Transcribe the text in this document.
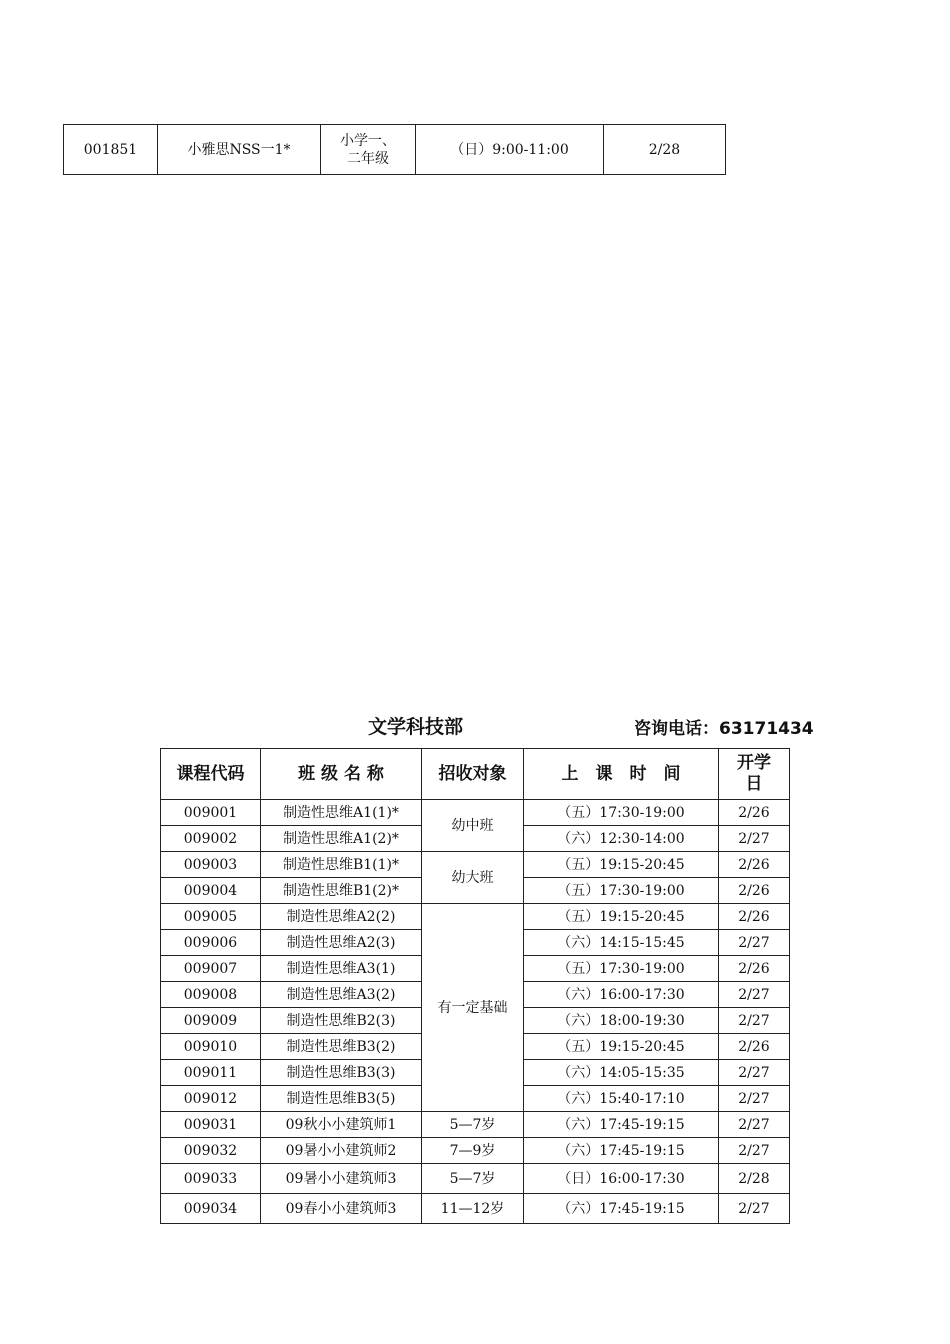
001851	小雅思NSS一1*	小学一、
二年级	（日）9:00-11:00	2/28
文学科技部	咨询电话：63171434
课程代码	班 级 名 称	招收对象	上　课　时　间	开学
日
009001	制造性思维A1(1)*	幼中班	（五）17:30-19:00	2/26
009002	制造性思维A1(2)*		（六）12:30-14:00	2/27
009003	制造性思维B1(1)*	幼大班	（五）19:15-20:45	2/26
009004	制造性思维B1(2)*		（五）17:30-19:00	2/26
009005	制造性思维A2(2)	有一定基础	（五）19:15-20:45	2/26
009006	制造性思维A2(3)		（六）14:15-15:45	2/27
009007	制造性思维A3(1)		（五）17:30-19:00	2/26
009008	制造性思维A3(2)		（六）16:00-17:30	2/27
009009	制造性思维B2(3)		（六）18:00-19:30	2/27
009010	制造性思维B3(2)		（五）19:15-20:45	2/26
009011	制造性思维B3(3)		（六）14:05-15:35	2/27
009012	制造性思维B3(5)		（六）15:40-17:10	2/27
009031	09秋小小建筑师1	5—7岁	（六）17:45-19:15	2/27
009032	09暑小小建筑师2	7—9岁	（六）17:45-19:15	2/27
009033	09暑小小建筑师3	5—7岁	（日）16:00-17:30	2/28
009034	09春小小建筑师3	11—12岁	（六）17:45-19:15	2/27
